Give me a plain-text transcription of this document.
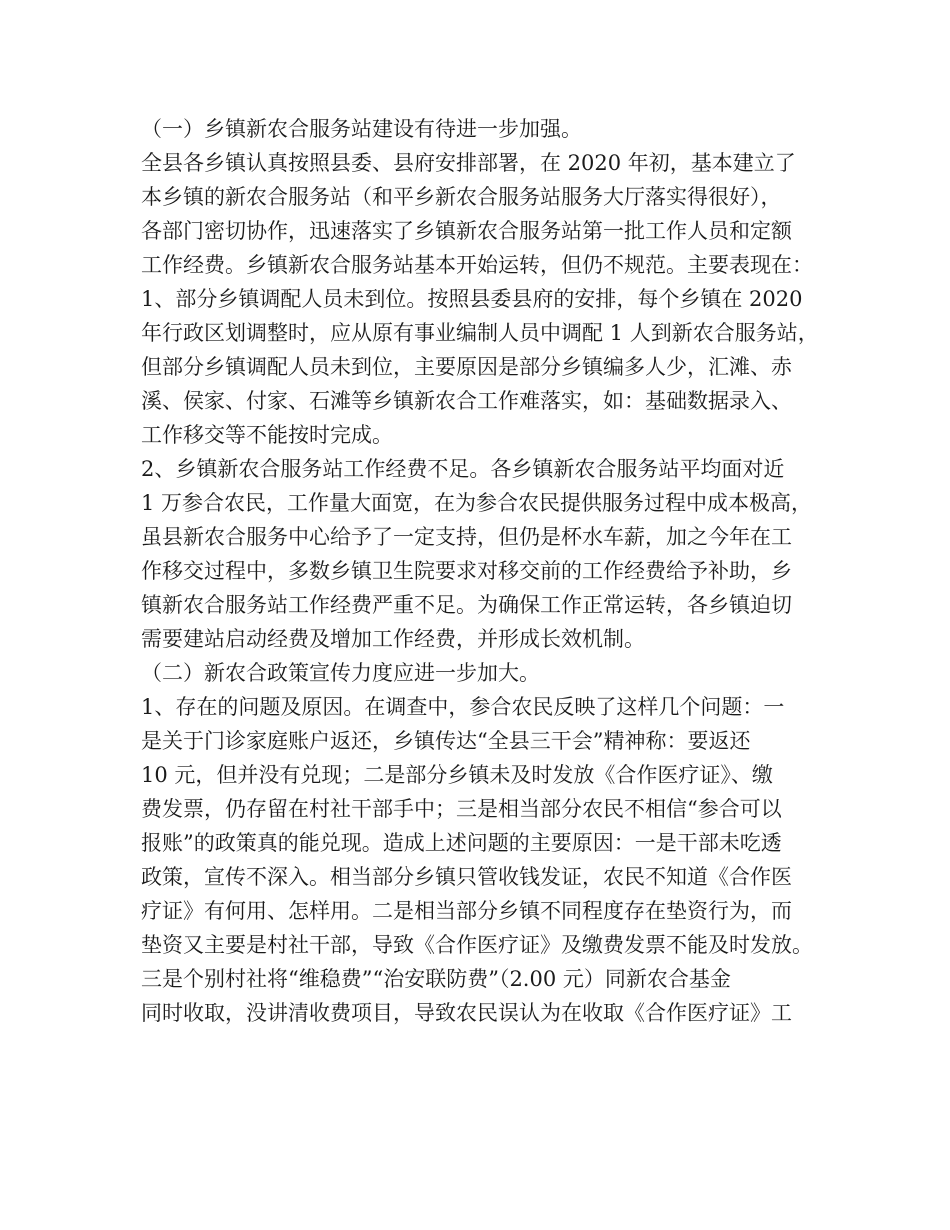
（一）乡镇新农合服务站建设有待进一步加强。
全县各乡镇认真按照县委、县府安排部署，在 2020 年初，基本建立了
本乡镇的新农合服务站（和平乡新农合服务站服务大厅落实得很好），
各部门密切协作，迅速落实了乡镇新农合服务站第一批工作人员和定额
工作经费。乡镇新农合服务站基本开始运转，但仍不规范。主要表现在：
1、部分乡镇调配人员未到位。按照县委县府的安排，每个乡镇在 2020
年行政区划调整时，应从原有事业编制人员中调配 1 人到新农合服务站，
但部分乡镇调配人员未到位，主要原因是部分乡镇编多人少，汇滩、赤
溪、侯家、付家、石滩等乡镇新农合工作难落实，如：基础数据录入、
工作移交等不能按时完成。
2、乡镇新农合服务站工作经费不足。各乡镇新农合服务站平均面对近
1 万参合农民，工作量大面宽，在为参合农民提供服务过程中成本极高，
虽县新农合服务中心给予了一定支持，但仍是杯水车薪，加之今年在工
作移交过程中，多数乡镇卫生院要求对移交前的工作经费给予补助，乡
镇新农合服务站工作经费严重不足。为确保工作正常运转，各乡镇迫切
需要建站启动经费及增加工作经费，并形成长效机制。
（二）新农合政策宣传力度应进一步加大。
1、存在的问题及原因。在调查中，参合农民反映了这样几个问题：一
是关于门诊家庭账户返还，乡镇传达“全县三干会”精神称：要返还
10 元，但并没有兑现；二是部分乡镇未及时发放《合作医疗证》、缴
费发票，仍存留在村社干部手中；三是相当部分农民不相信“参合可以
报账”的政策真的能兑现。造成上述问题的主要原因：一是干部未吃透
政策，宣传不深入。相当部分乡镇只管收钱发证，农民不知道《合作医
疗证》有何用、怎样用。二是相当部分乡镇不同程度存在垫资行为，而
垫资又主要是村社干部，导致《合作医疗证》及缴费发票不能及时发放。
三是个别村社将“维稳费”“治安联防费”（2.00 元）同新农合基金
同时收取，没讲清收费项目，导致农民误认为在收取《合作医疗证》工
